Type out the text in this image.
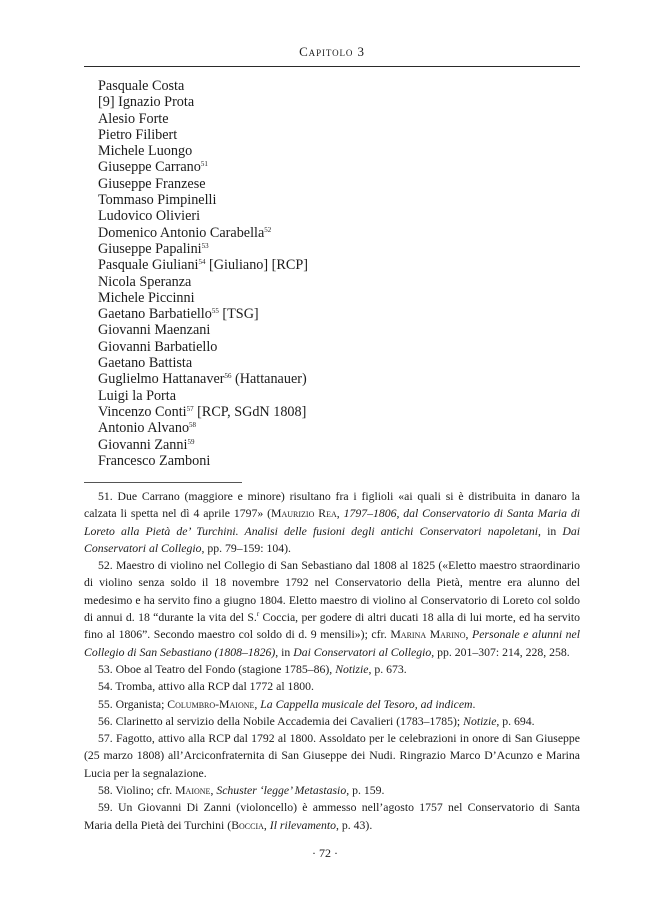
Capitolo 3
Pasquale Costa
[9] Ignazio Prota
Alesio Forte
Pietro Filibert
Michele Luongo
Giuseppe Carrano$^{51}$
Giuseppe Franzese
Tommaso Pimpinelli
Ludovico Olivieri
Domenico Antonio Carabella$^{52}$
Giuseppe Papalini$^{53}$
Pasquale Giuliani$^{54}$ [Giuliano] [RCP]
Nicola Speranza
Michele Piccinni
Gaetano Barbatiello$^{55}$ [TSG]
Giovanni Maenzani
Giovanni Barbatiello
Gaetano Battista
Guglielmo Hattanaver$^{56}$ (Hattanauer)
Luigi la Porta
Vincenzo Conti$^{57}$ [RCP, SGdN 1808]
Antonio Alvano$^{58}$
Giovanni Zanni$^{59}$
Francesco Zamboni

51. Due Carrano (maggiore e minore) risultano fra i figlioli «ai quali si è distribuita in danaro la calzata li spetta nel dì 4 aprile 1797» (Maurizio Rea, 1797–1806, dal Conservatorio di Santa Maria di Loreto alla Pietà de’ Turchini. Analisi delle fusioni degli antichi Conservatori napoletani, in Dai Conservatori al Collegio, pp. 79–159: 104).

52. Maestro di violino nel Collegio di San Sebastiano dal 1808 al 1825 («Eletto maestro straordinario di violino senza soldo il 18 novembre 1792 nel Conservatorio della Pietà, mentre era alunno del medesimo e ha servito fino a giugno 1804. Eletto maestro di violino al Conservatorio di Loreto col soldo di annui d. 18 “durante la vita del S.$^r$ Coccia, per godere di altri ducati 18 alla di lui morte, ed ha servito fino al 1806”. Secondo maestro col soldo di d. 9 mensili»); cfr. Marina Marino, Personale e alunni nel Collegio di San Sebastiano (1808–1826), in Dai Conservatori al Collegio, pp. 201–307: 214, 228, 258.

53. Oboe al Teatro del Fondo (stagione 1785–86), Notizie, p. 673.

54. Tromba, attivo alla RCP dal 1772 al 1800.

55. Organista; Columbro-Maione, La Cappella musicale del Tesoro, ad indicem.

56. Clarinetto al servizio della Nobile Accademia dei Cavalieri (1783–1785); Notizie, p. 694.

57. Fagotto, attivo alla RCP dal 1792 al 1800. Assoldato per le celebrazioni in onore di San Giuseppe (25 marzo 1808) all’Arciconfraternita di San Giuseppe dei Nudi. Ringrazio Marco D’Acunzo e Marina Lucia per la segnalazione.

58. Violino; cfr. Maione, Schuster ‘legge’ Metastasio, p. 159.

59. Un Giovanni Di Zanni (violoncello) è ammesso nell’agosto 1757 nel Conservatorio di Santa Maria della Pietà dei Turchini (Boccia, Il rilevamento, p. 43).

· 72 ·
